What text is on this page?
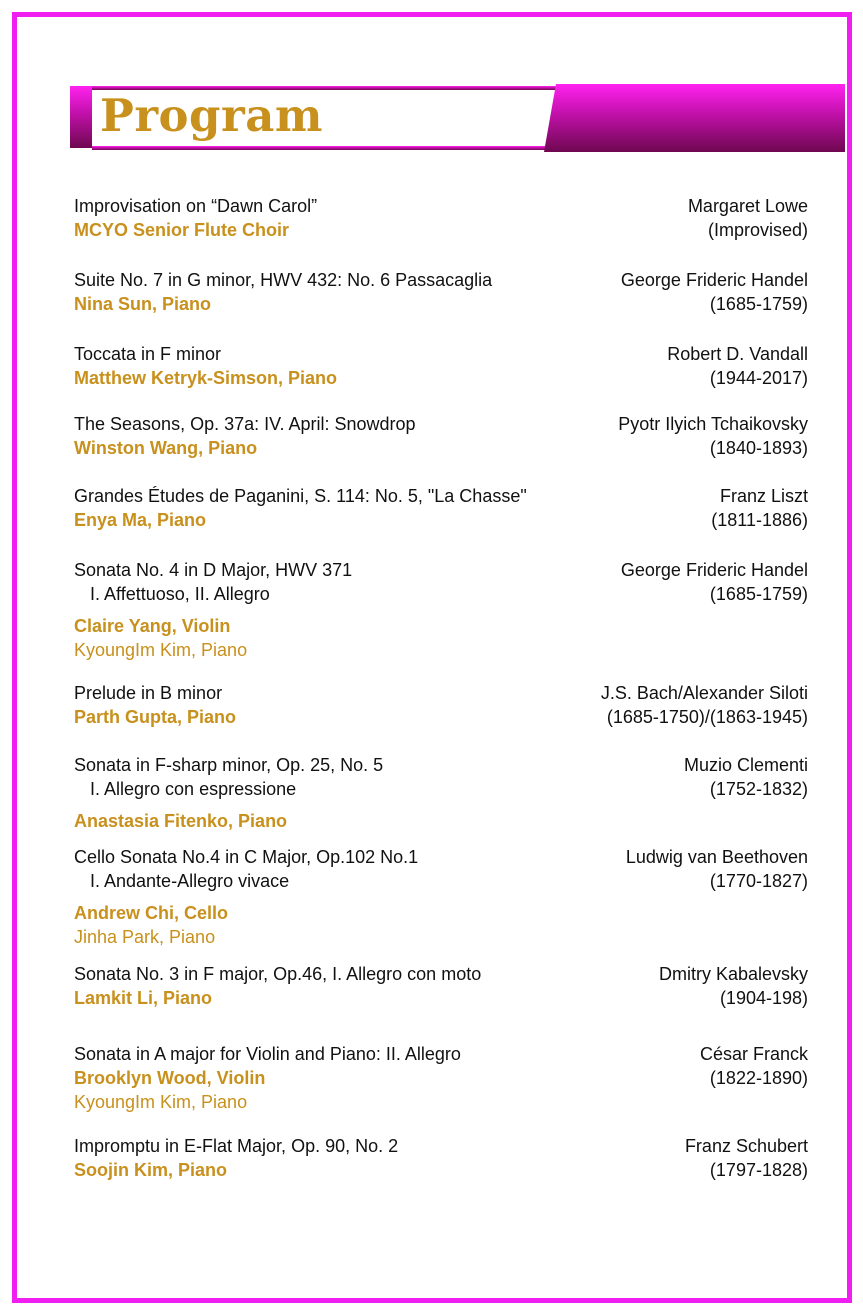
Program
Improvisation on “Dawn Carol”
MCYO Senior Flute Choir
Margaret Lowe
(Improvised)
Suite No. 7 in G minor, HWV 432: No. 6 Passacaglia
Nina Sun, Piano
George Frideric Handel
(1685-1759)
Toccata in F minor
Matthew Ketryk-Simson, Piano
Robert D. Vandall
(1944-2017)
The Seasons, Op. 37a: IV. April: Snowdrop
Winston Wang, Piano
Pyotr Ilyich Tchaikovsky
(1840-1893)
Grandes Études de Paganini, S. 114: No. 5, "La Chasse"
Enya Ma, Piano
Franz Liszt
(1811-1886)
Sonata No. 4 in D Major, HWV 371
I. Affettuoso, II. Allegro
Claire Yang, Violin
KyoungIm Kim, Piano
George Frideric Handel
(1685-1759)
Prelude in B minor
Parth Gupta, Piano
J.S. Bach/Alexander Siloti
(1685-1750)/(1863-1945)
Sonata in F-sharp minor, Op. 25, No. 5
I. Allegro con espressione
Anastasia Fitenko, Piano
Muzio Clementi
(1752-1832)
Cello Sonata No.4 in C Major, Op.102 No.1
I. Andante-Allegro vivace
Andrew Chi, Cello
Jinha Park, Piano
Ludwig van Beethoven
(1770-1827)
Sonata No. 3 in F major, Op.46, I. Allegro con moto
Lamkit Li, Piano
Dmitry Kabalevsky
(1904-198)
Sonata in A major for Violin and Piano: II. Allegro
Brooklyn Wood, Violin
KyoungIm Kim, Piano
César Franck
(1822-1890)
Impromptu in E-Flat Major, Op. 90, No. 2
Soojin Kim, Piano
Franz Schubert
(1797-1828)
